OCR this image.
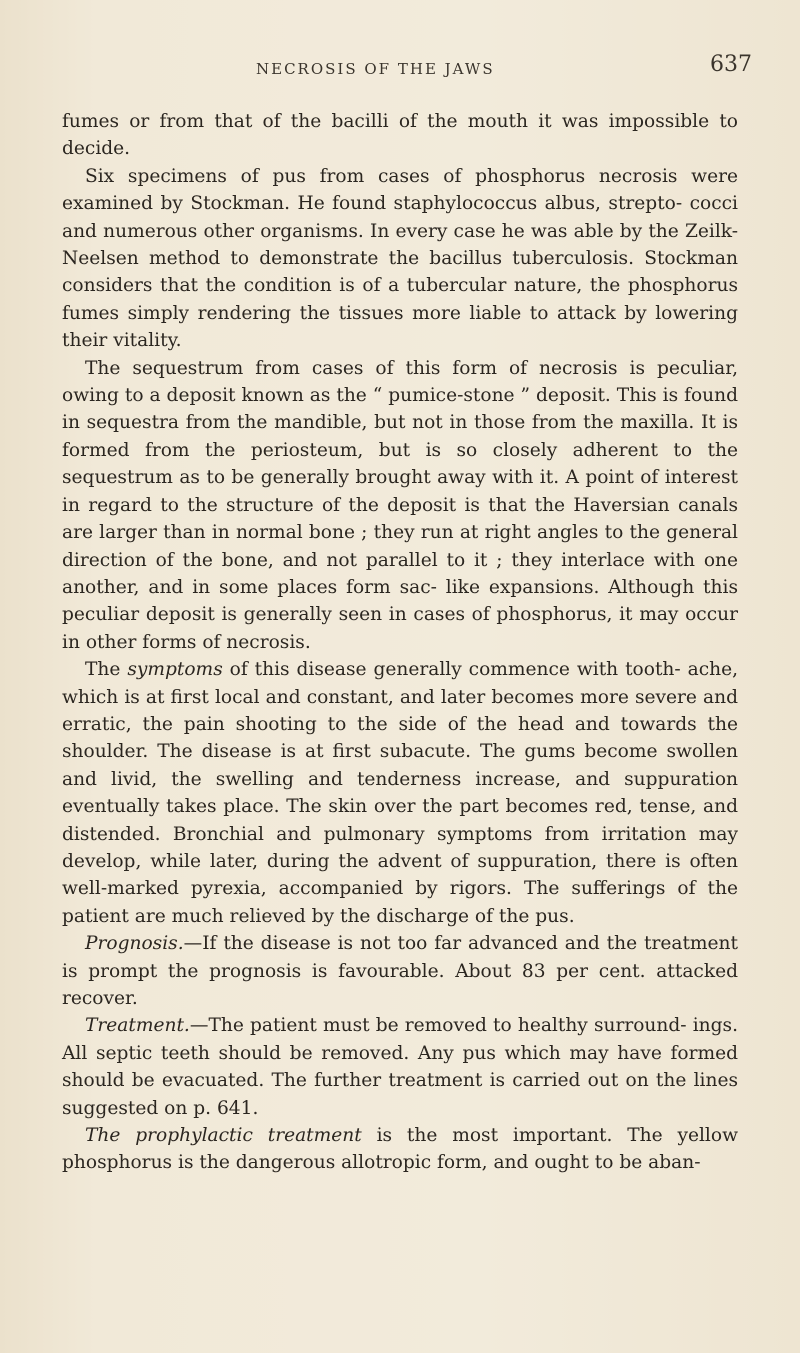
NECROSIS OF THE JAWS	637

fumes or from that of the bacilli of the mouth it was impossible to decide.

Six specimens of pus from cases of phosphorus necrosis were examined by Stockman. He found staphylococcus albus, strepto- cocci and numerous other organisms. In every case he was able by the Zeilk-Neelsen method to demonstrate the bacillus tuberculosis. Stockman considers that the condition is of a tubercular nature, the phosphorus fumes simply rendering the tissues more liable to attack by lowering their vitality.

The sequestrum from cases of this form of necrosis is peculiar, owing to a deposit known as the “ pumice-stone ” deposit. This is found in sequestra from the mandible, but not in those from the maxilla. It is formed from the periosteum, but is so closely adherent to the sequestrum as to be generally brought away with it. A point of interest in regard to the structure of the deposit is that the Haversian canals are larger than in normal bone ; they run at right angles to the general direction of the bone, and not parallel to it ; they interlace with one another, and in some places form sac- like expansions. Although this peculiar deposit is generally seen in cases of phosphorus, it may occur in other forms of necrosis.

The symptoms of this disease generally commence with tooth- ache, which is at first local and constant, and later becomes more severe and erratic, the pain shooting to the side of the head and towards the shoulder. The disease is at first subacute. The gums become swollen and livid, the swelling and tenderness increase, and suppuration eventually takes place. The skin over the part becomes red, tense, and distended. Bronchial and pulmonary symptoms from irritation may develop, while later, during the advent of suppuration, there is often well-marked pyrexia, accompanied by rigors. The sufferings of the patient are much relieved by the discharge of the pus.

Prognosis.—If the disease is not too far advanced and the treatment is prompt the prognosis is favourable. About 83 per cent. attacked recover.

Treatment.—The patient must be removed to healthy surround- ings. All septic teeth should be removed. Any pus which may have formed should be evacuated. The further treatment is carried out on the lines suggested on p. 641.

The prophylactic treatment is the most important. The yellow phosphorus is the dangerous allotropic form, and ought to be aban-
